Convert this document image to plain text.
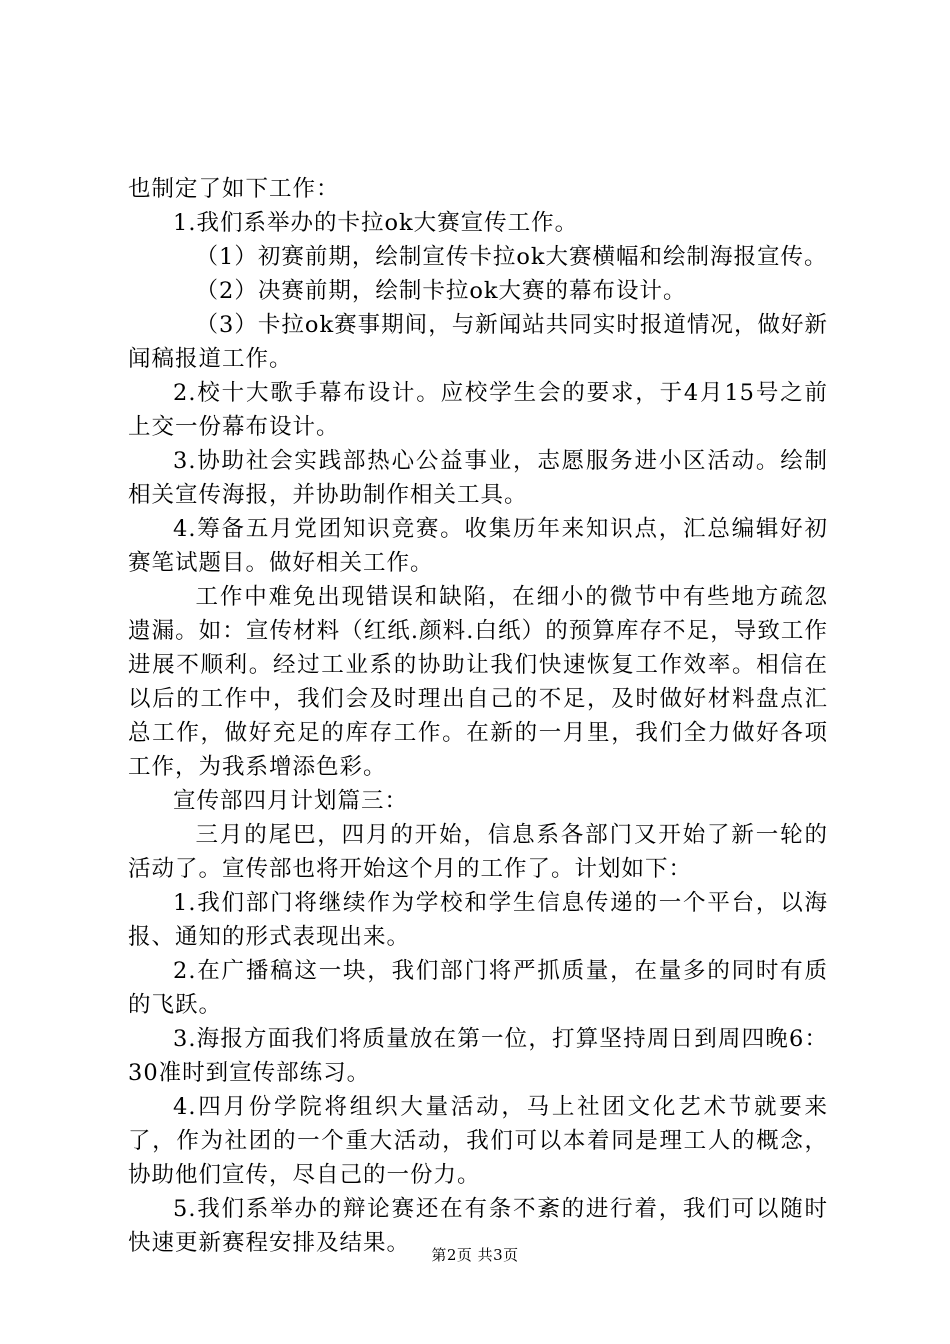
也制定了如下工作：

1.我们系举办的卡拉ok大赛宣传工作。

（1）初赛前期，绘制宣传卡拉ok大赛横幅和绘制海报宣传。

（2）决赛前期，绘制卡拉ok大赛的幕布设计。

（3）卡拉ok赛事期间，与新闻站共同实时报道情况，做好新闻稿报道工作。

2.校十大歌手幕布设计。应校学生会的要求，于4月15号之前上交一份幕布设计。

3.协助社会实践部热心公益事业，志愿服务进小区活动。绘制相关宣传海报，并协助制作相关工具。

4.筹备五月党团知识竞赛。收集历年来知识点，汇总编辑好初赛笔试题目。做好相关工作。

工作中难免出现错误和缺陷，在细小的微节中有些地方疏忽遗漏。如：宣传材料（红纸.颜料.白纸）的预算库存不足，导致工作进展不顺利。经过工业系的协助让我们快速恢复工作效率。相信在以后的工作中，我们会及时理出自己的不足，及时做好材料盘点汇总工作，做好充足的库存工作。在新的一月里，我们全力做好各项工作，为我系增添色彩。

宣传部四月计划篇三：

三月的尾巴，四月的开始，信息系各部门又开始了新一轮的活动了。宣传部也将开始这个月的工作了。计划如下：

1.我们部门将继续作为学校和学生信息传递的一个平台，以海报、通知的形式表现出来。

2.在广播稿这一块，我们部门将严抓质量，在量多的同时有质的飞跃。

3.海报方面我们将质量放在第一位，打算坚持周日到周四晚6：30准时到宣传部练习。

4.四月份学院将组织大量活动，马上社团文化艺术节就要来了，作为社团的一个重大活动，我们可以本着同是理工人的概念，协助他们宣传，尽自己的一份力。

5.我们系举办的辩论赛还在有条不紊的进行着，我们可以随时快速更新赛程安排及结果。	第2页 共3页
